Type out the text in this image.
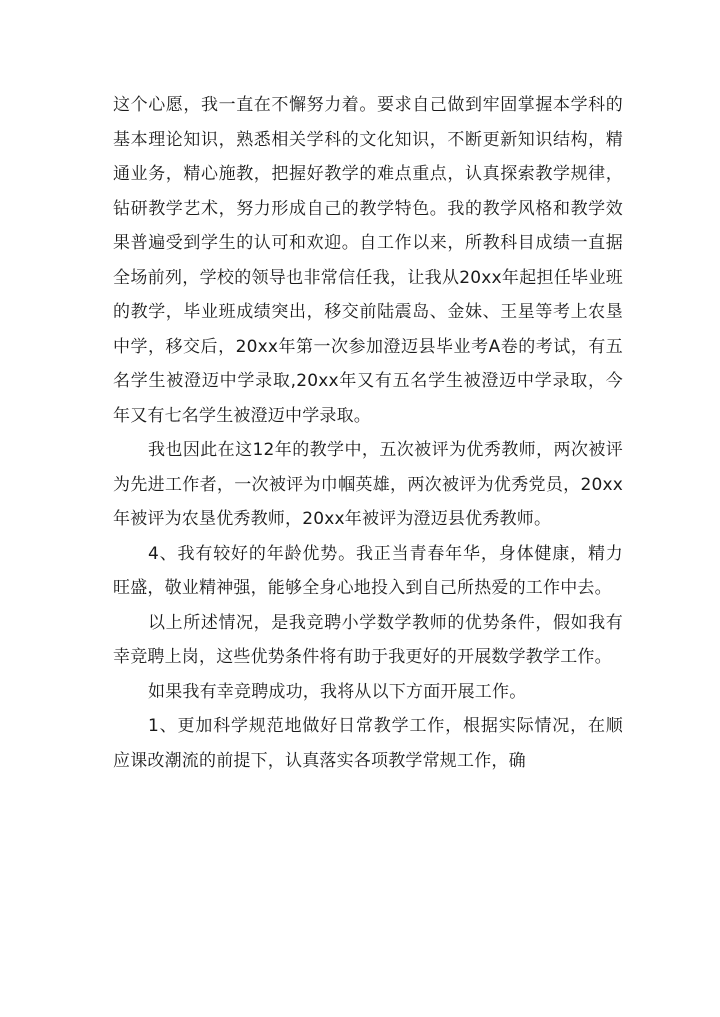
这个心愿，我一直在不懈努力着。要求自己做到牢固掌握本学科的基本理论知识，熟悉相关学科的文化知识，不断更新知识结构，精通业务，精心施教，把握好教学的难点重点，认真探索教学规律，钻研教学艺术，努力形成自己的教学特色。我的教学风格和教学效果普遍受到学生的认可和欢迎。自工作以来，所教科目成绩一直据全场前列，学校的领导也非常信任我，让我从20xx年起担任毕业班的教学，毕业班成绩突出，移交前陆震岛、金妹、王星等考上农垦中学，移交后，20xx年第一次参加澄迈县毕业考A卷的考试，有五名学生被澄迈中学录取,20xx年又有五名学生被澄迈中学录取，今年又有七名学生被澄迈中学录取。

我也因此在这12年的教学中，五次被评为优秀教师，两次被评为先进工作者，一次被评为巾帼英雄，两次被评为优秀党员，20xx年被评为农垦优秀教师，20xx年被评为澄迈县优秀教师。

4、我有较好的年龄优势。我正当青春年华，身体健康，精力旺盛，敬业精神强，能够全身心地投入到自己所热爱的工作中去。

以上所述情况，是我竞聘小学数学教师的优势条件，假如我有幸竞聘上岗，这些优势条件将有助于我更好的开展数学教学工作。

如果我有幸竞聘成功，我将从以下方面开展工作。

1、更加科学规范地做好日常教学工作，根据实际情况，在顺应课改潮流的前提下，认真落实各项教学常规工作，确
